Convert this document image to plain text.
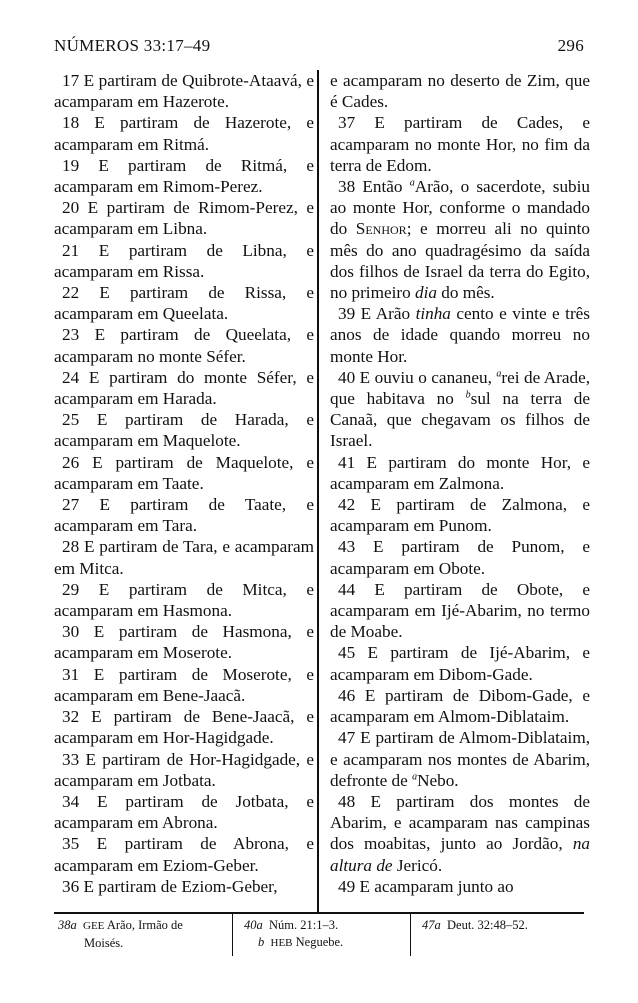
NÚMEROS 33:17–49	296

17 E partiram de Quibrote-Ataavá, e acamparam em Hazerote.

18 E partiram de Hazerote, e acamparam em Ritmá.

19 E partiram de Ritmá, e acamparam em Rimom-Perez.

20 E partiram de Rimom-Perez, e acamparam em Libna.

21 E partiram de Libna, e acamparam em Rissa.

22 E partiram de Rissa, e acamparam em Queelata.

23 E partiram de Queelata, e acamparam no monte Séfer.

24 E partiram do monte Séfer, e acamparam em Harada.

25 E partiram de Harada, e acamparam em Maquelote.

26 E partiram de Maquelote, e acamparam em Taate.

27 E partiram de Taate, e acamparam em Tara.

28 E partiram de Tara, e acamparam em Mitca.

29 E partiram de Mitca, e acamparam em Hasmona.

30 E partiram de Hasmona, e acamparam em Moserote.

31 E partiram de Moserote, e acamparam em Bene-Jaacã.

32 E partiram de Bene-Jaacã, e acamparam em Hor-Hagidgade.

33 E partiram de Hor-Hagidgade, e acamparam em Jotbata.

34 E partiram de Jotbata, e acamparam em Abrona.

35 E partiram de Abrona, e acamparam em Eziom-Geber.

36 E partiram de Eziom-Geber,

e acamparam no deserto de Zim, que é Cades.

37 E partiram de Cades, e acamparam no monte Hor, no fim da terra de Edom.

38 Então $^a$Arão, o sacerdote, subiu ao monte Hor, conforme o mandado do Senhor; e morreu ali no quinto mês do ano quadragésimo da saída dos filhos de Israel da terra do Egito, no primeiro dia do mês.

39 E Arão tinha cento e vinte e três anos de idade quando morreu no monte Hor.

40 E ouviu o cananeu, $^a$rei de Arade, que habitava no $^b$sul na terra de Canaã, que chegavam os filhos de Israel.

41 E partiram do monte Hor, e acamparam em Zalmona.

42 E partiram de Zalmona, e acamparam em Punom.

43 E partiram de Punom, e acamparam em Obote.

44 E partiram de Obote, e acamparam em Ijé-Abarim, no termo de Moabe.

45 E partiram de Ijé-Abarim, e acamparam em Dibom-Gade.

46 E partiram de Dibom-Gade, e acamparam em Almom-Diblataim.

47 E partiram de Almom-Diblataim, e acamparam nos montes de Abarim, defronte de $^a$Nebo.

48 E partiram dos montes de Abarim, e acamparam nas campinas dos moabitas, junto ao Jordão, na altura de Jericó.

49 E acamparam junto ao

38a GEE Arão, Irmão de
Moisés.
40a Núm. 21:1–3.
b HEB Neguebe.
47a Deut. 32:48–52.
